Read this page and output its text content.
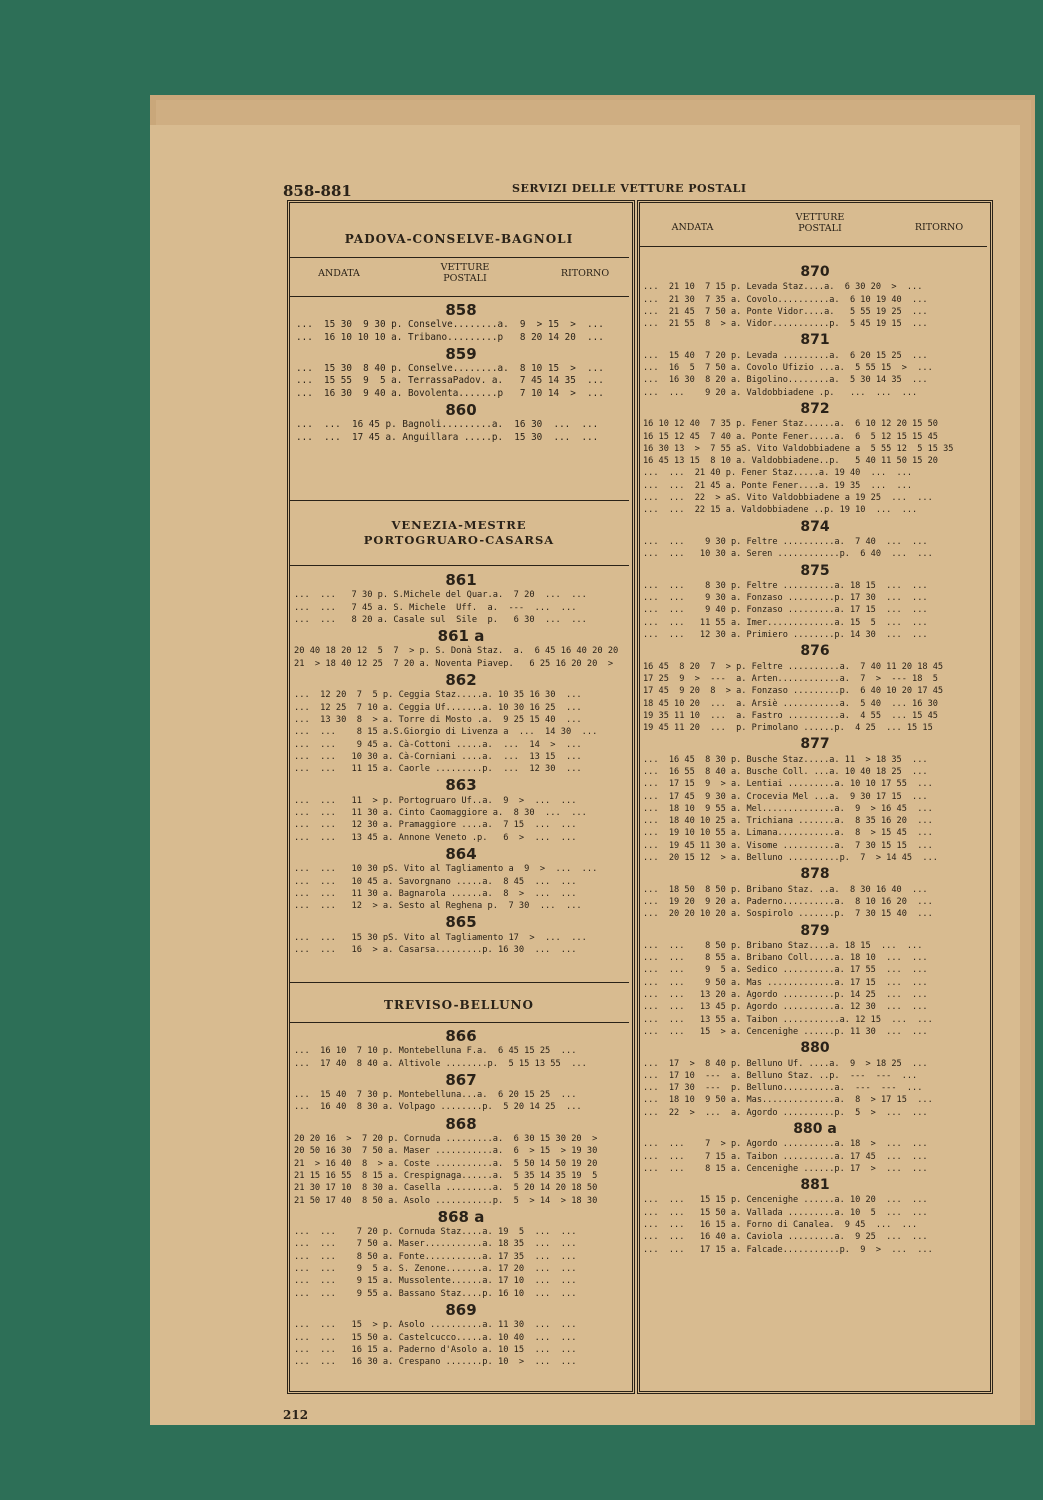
858-881	SERVIZI DELLE VETTURE POSTALI
PADOVA-CONSELVE-BAGNOLI
ANDATA
VETTURE
POSTALI	RITORNO
858
...  15 30  9 30 p. Conselve........a.  9  > 15  >  ...
...  16 10 10 10 a. Tribano.........p   8 20 14 20  ...
859
...  15 30  8 40 p. Conselve........a.  8 10 15  >  ...
...  15 55  9  5 a. TerrassaPadov. a.   7 45 14 35  ...
...  16 30  9 40 a. Bovolenta.......p   7 10 14  >  ...
860
...  ...  16 45 p. Bagnoli.........a.  16 30  ...  ...
...  ...  17 45 a. Anguillara .....p.  15 30  ...  ...
VENEZIA-MESTRE
PORTOGRUARO-CASARSA
861
...  ...   7 30 p. S.Michele del Quar.a.  7 20  ...  ...
...  ...   7 45 a. S. Michele  Uff.  a.  ---  ...  ...
...  ...   8 20 a. Casale sul  Sile  p.   6 30  ...  ...
861 a
20 40 18 20 12  5  7  > p. S. Donà Staz.  a.  6 45 16 40 20 20
21  > 18 40 12 25  7 20 a. Noventa Piavep.   6 25 16 20 20  >
862
...  12 20  7  5 p. Ceggia Staz.....a. 10 35 16 30  ...
...  12 25  7 10 a. Ceggia Uf.......a. 10 30 16 25  ...
...  13 30  8  > a. Torre di Mosto .a.  9 25 15 40  ...
...  ...    8 15 a.S.Giorgio di Livenza a  ...  14 30  ...
...  ...    9 45 a. Cà-Cottoni .....a.  ...  14  >  ...
...  ...   10 30 a. Cà-Corniani ....a.  ...  13 15  ...
...  ...   11 15 a. Caorle .........p.  ...  12 30  ...
863
...  ...   11  > p. Portogruaro Uf..a.  9  >  ...  ...
...  ...   11 30 a. Cinto Caomaggiore a.  8 30  ...  ...
...  ...   12 30 a. Pramaggiore ....a.  7 15  ...  ...
...  ...   13 45 a. Annone Veneto .p.   6  >  ...  ...
864
...  ...   10 30 pS. Vito al Tagliamento a  9  >  ...  ...
...  ...   10 45 a. Savorgnano .....a.  8 45  ...  ...
...  ...   11 30 a. Bagnarola ......a.  8  >  ...  ...
...  ...   12  > a. Sesto al Reghena p.  7 30  ...  ...
865
...  ...   15 30 pS. Vito al Tagliamento 17  >  ...  ...
...  ...   16  > a. Casarsa.........p. 16 30  ...  ...
TREVISO-BELLUNO
866
...  16 10  7 10 p. Montebelluna F.a.  6 45 15 25  ...
...  17 40  8 40 a. Altivole ........p.  5 15 13 55  ...
867
...  15 40  7 30 p. Montebelluna...a.  6 20 15 25  ...
...  16 40  8 30 a. Volpago ........p.  5 20 14 25  ...
868
20 20 16  >  7 20 p. Cornuda .........a.  6 30 15 30 20  >
20 50 16 30  7 50 a. Maser ...........a.  6  > 15  > 19 30
21  > 16 40  8  > a. Coste ...........a.  5 50 14 50 19 20
21 15 16 55  8 15 a. Crespignaga......a.  5 35 14 35 19  5
21 30 17 10  8 30 a. Casella .........a.  5 20 14 20 18 50
21 50 17 40  8 50 a. Asolo ...........p.  5  > 14  > 18 30
868 a
...  ...    7 20 p. Cornuda Staz....a. 19  5  ...  ...
...  ...    7 50 a. Maser...........a. 18 35  ...  ...
...  ...    8 50 a. Fonte...........a. 17 35  ...  ...
...  ...    9  5 a. S. Zenone.......a. 17 20  ...  ...
...  ...    9 15 a. Mussolente......a. 17 10  ...  ...
...  ...    9 55 a. Bassano Staz....p. 16 10  ...  ...
869
...  ...   15  > p. Asolo ..........a. 11 30  ...  ...
...  ...   15 50 a. Castelcucco.....a. 10 40  ...  ...
...  ...   16 15 a. Paderno d'Asolo a. 10 15  ...  ...
...  ...   16 30 a. Crespano .......p. 10  >  ...  ...
ANDATA
VETTURE
POSTALI	RITORNO
870
...  21 10  7 15 p. Levada Staz....a.  6 30 20  >  ...
...  21 30  7 35 a. Covolo..........a.  6 10 19 40  ...
...  21 45  7 50 a. Ponte Vidor....a.   5 55 19 25  ...
...  21 55  8  > a. Vidor...........p.  5 45 19 15  ...
871
...  15 40  7 20 p. Levada .........a.  6 20 15 25  ...
...  16  5  7 50 a. Covolo Ufizio ...a.  5 55 15  >  ...
...  16 30  8 20 a. Bigolino........a.  5 30 14 35  ...
...  ...    9 20 a. Valdobbiadene .p.   ...  ...  ...
872
16 10 12 40  7 35 p. Fener Staz......a.  6 10 12 20 15 50
16 15 12 45  7 40 a. Ponte Fener.....a.  6  5 12 15 15 45
16 30 13  >  7 55 aS. Vito Valdobbiadene a  5 55 12  5 15 35
16 45 13 15  8 10 a. Valdobbiadene..p.   5 40 11 50 15 20
...  ...  21 40 p. Fener Staz.....a. 19 40  ...  ...
...  ...  21 45 a. Ponte Fener....a. 19 35  ...  ...
...  ...  22  > aS. Vito Valdobbiadene a 19 25  ...  ...
...  ...  22 15 a. Valdobbiadene ..p. 19 10  ...  ...
874
...  ...    9 30 p. Feltre ..........a.  7 40  ...  ...
...  ...   10 30 a. Seren ............p.  6 40  ...  ...
875
...  ...    8 30 p. Feltre ..........a. 18 15  ...  ...
...  ...    9 30 a. Fonzaso .........p. 17 30  ...  ...
...  ...    9 40 p. Fonzaso .........a. 17 15  ...  ...
...  ...   11 55 a. Imer.............a. 15  5  ...  ...
...  ...   12 30 a. Primiero ........p. 14 30  ...  ...
876
16 45  8 20  7  > p. Feltre ..........a.  7 40 11 20 18 45
17 25  9  >  ---  a. Arten............a.  7  >  --- 18  5
17 45  9 20  8  > a. Fonzaso .........p.  6 40 10 20 17 45
18 45 10 20  ...  a. Arsiè ...........a.  5 40  ... 16 30
19 35 11 10  ...  a. Fastro ..........a.  4 55  ... 15 45
19 45 11 20  ...  p. Primolano ......p.  4 25  ... 15 15
877
...  16 45  8 30 p. Busche Staz.....a. 11  > 18 35  ...
...  16 55  8 40 a. Busche Coll. ...a. 10 40 18 25  ...
...  17 15  9  > a. Lentiai .........a. 10 10 17 55  ...
...  17 45  9 30 a. Crocevia Mel ...a.  9 30 17 15  ...
...  18 10  9 55 a. Mel..............a.  9  > 16 45  ...
...  18 40 10 25 a. Trichiana .......a.  8 35 16 20  ...
...  19 10 10 55 a. Limana...........a.  8  > 15 45  ...
...  19 45 11 30 a. Visome ..........a.  7 30 15 15  ...
...  20 15 12  > a. Belluno ..........p.  7  > 14 45  ...
878
...  18 50  8 50 p. Bribano Staz. ..a.  8 30 16 40  ...
...  19 20  9 20 a. Paderno..........a.  8 10 16 20  ...
...  20 20 10 20 a. Sospirolo .......p.  7 30 15 40  ...
879
...  ...    8 50 p. Bribano Staz....a. 18 15  ...  ...
...  ...    8 55 a. Bribano Coll.....a. 18 10  ...  ...
...  ...    9  5 a. Sedico ..........a. 17 55  ...  ...
...  ...    9 50 a. Mas .............a. 17 15  ...  ...
...  ...   13 20 a. Agordo ..........p. 14 25  ...  ...
...  ...   13 45 p. Agordo ..........a. 12 30  ...  ...
...  ...   13 55 a. Taibon ...........a. 12 15  ...  ...
...  ...   15  > a. Cencenighe ......p. 11 30  ...  ...
880
...  17  >  8 40 p. Belluno Uf. ....a.  9  > 18 25  ...
...  17 10  ---  a. Belluno Staz. ..p.  ---  ---  ...
...  17 30  ---  p. Belluno..........a.  ---  ---  ...
...  18 10  9 50 a. Mas..............a.  8  > 17 15  ...
...  22  >  ...  a. Agordo ..........p.  5  >  ...  ...
880 a
...  ...    7  > p. Agordo ..........a. 18  >  ...  ...
...  ...    7 15 a. Taibon ..........a. 17 45  ...  ...
...  ...    8 15 a. Cencenighe ......p. 17  >  ...  ...
881
...  ...   15 15 p. Cencenighe ......a. 10 20  ...  ...
...  ...   15 50 a. Vallada .........a. 10  5  ...  ...
...  ...   16 15 a. Forno di Canalea.  9 45  ...  ...
...  ...   16 40 a. Caviola .........a.  9 25  ...  ...
...  ...   17 15 a. Falcade...........p.  9  >  ...  ...
212
